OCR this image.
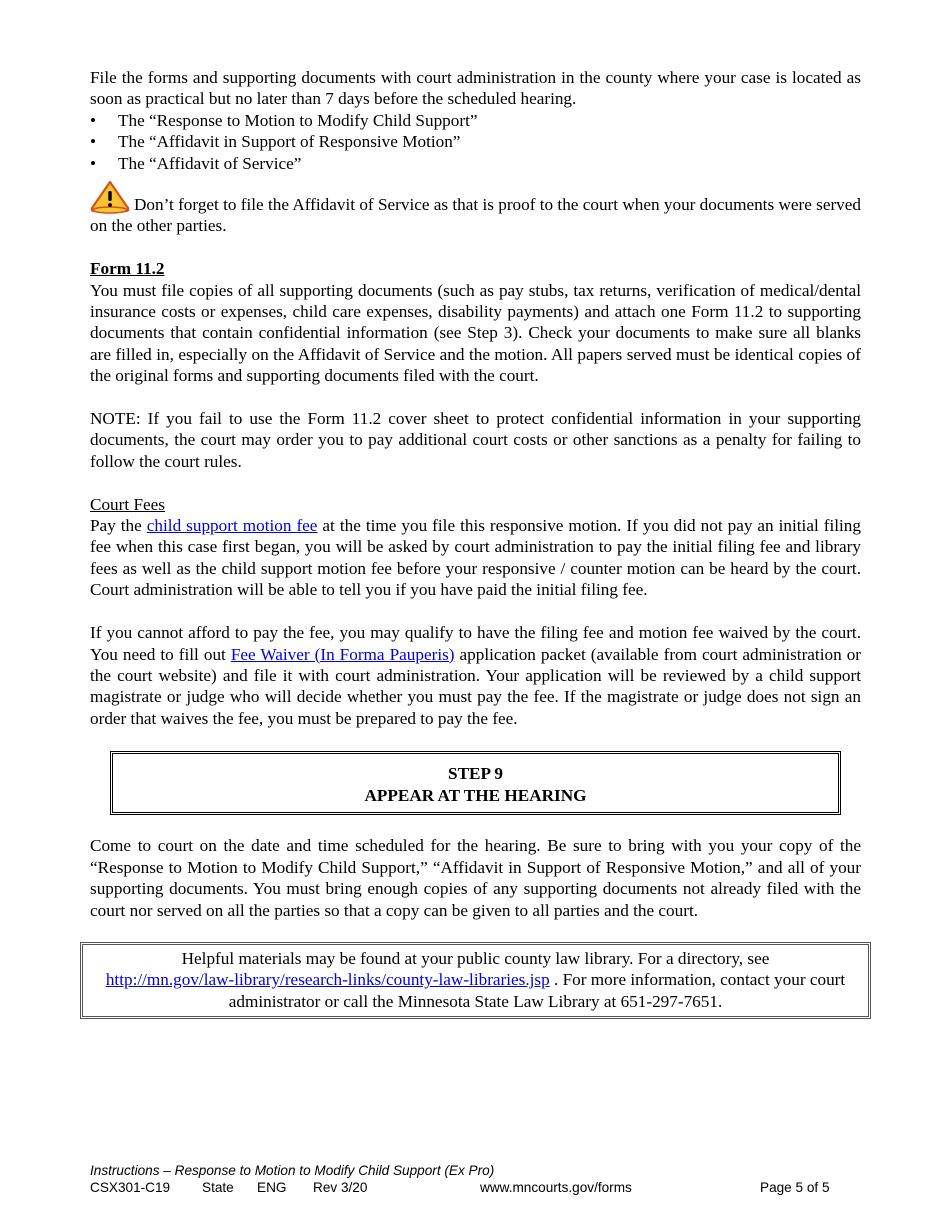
File the forms and supporting documents with court administration in the county where your case is located as soon as practical but no later than 7 days before the scheduled hearing.

• The “Response to Motion to Modify Child Support”
• The “Affidavit in Support of Responsive Motion”
• The “Affidavit of Service”

Don’t forget to file the Affidavit of Service as that is proof to the court when your documents were served on the other parties.

Form 11.2

You must file copies of all supporting documents (such as pay stubs, tax returns, verification of medical/dental insurance costs or expenses, child care expenses, disability payments) and attach one Form 11.2 to supporting documents that contain confidential information (see Step 3). Check your documents to make sure all blanks are filled in, especially on the Affidavit of Service and the motion. All papers served must be identical copies of the original forms and supporting documents filed with the court.

NOTE: If you fail to use the Form 11.2 cover sheet to protect confidential information in your supporting documents, the court may order you to pay additional court costs or other sanctions as a penalty for failing to follow the court rules.

Court Fees

Pay the child support motion fee at the time you file this responsive motion. If you did not pay an initial filing fee when this case first began, you will be asked by court administration to pay the initial filing fee and library fees as well as the child support motion fee before your responsive / counter motion can be heard by the court. Court administration will be able to tell you if you have paid the initial filing fee.

If you cannot afford to pay the fee, you may qualify to have the filing fee and motion fee waived by the court. You need to fill out Fee Waiver (In Forma Pauperis) application packet (available from court administration or the court website) and file it with court administration. Your application will be reviewed by a child support magistrate or judge who will decide whether you must pay the fee. If the magistrate or judge does not sign an order that waives the fee, you must be prepared to pay the fee.

STEP 9
APPEAR AT THE HEARING

Come to court on the date and time scheduled for the hearing. Be sure to bring with you your copy of the “Response to Motion to Modify Child Support,” “Affidavit in Support of Responsive Motion,” and all of your supporting documents. You must bring enough copies of any supporting documents not already filed with the court nor served on all the parties so that a copy can be given to all parties and the court.

Helpful materials may be found at your public county law library. For a directory, see
http://mn.gov/law-library/research-links/county-law-libraries.jsp . For more information, contact your court administrator or call the Minnesota State Law Library at 651-297-7651.
Instructions – Response to Motion to Modify Child Support (Ex Pro)
CSX301-C19 State ENG Rev 3/20	www.mncourts.gov/forms	Page 5 of 5
